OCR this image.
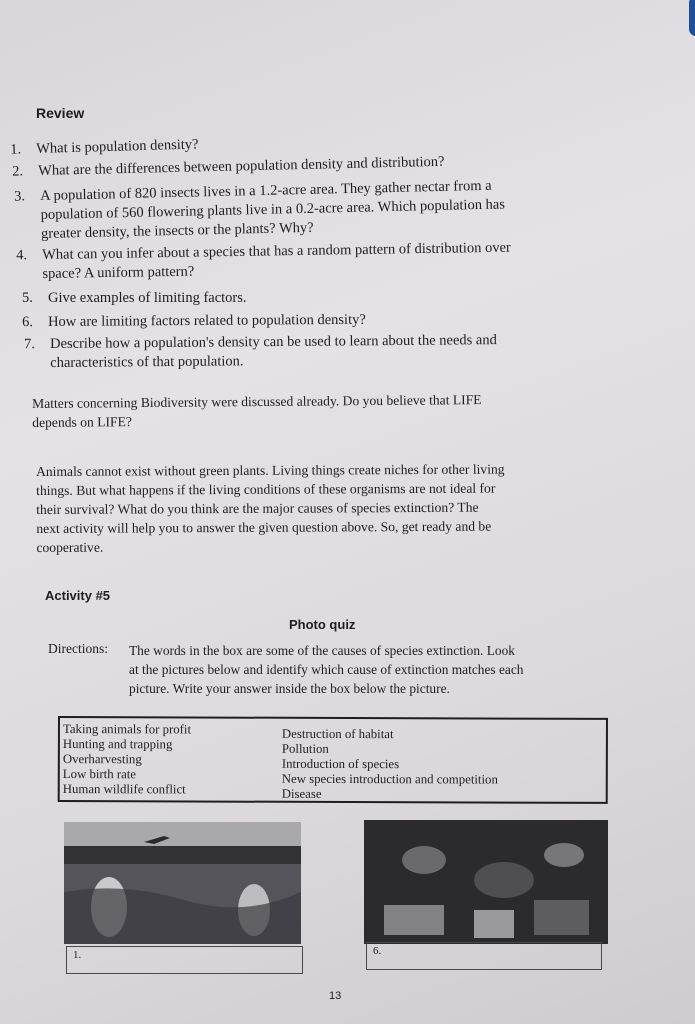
Review
1. What is population density?
2. What are the differences between population density and distribution?
3. A population of 820 insects lives in a 1.2-acre area. They gather nectar from a
population of 560 flowering plants live in a 0.2-acre area. Which population has
greater density, the insects or the plants? Why?
4. What can you infer about a species that has a random pattern of distribution over
space? A uniform pattern?
5. Give examples of limiting factors.
6. How are limiting factors related to population density?
7. Describe how a population's density can be used to learn about the needs and
characteristics of that population.
Matters concerning Biodiversity were discussed already. Do you believe that LIFE
depends on LIFE?
Animals cannot exist without green plants. Living things create niches for other living
things. But what happens if the living conditions of these organisms are not ideal for
their survival? What do you think are the major causes of species extinction? The
next activity will help you to answer the given question above. So, get ready and be
cooperative.
Activity #5
Photo quiz
Directions: The words in the box are some of the causes of species extinction. Look
at the pictures below and identify which cause of extinction matches each
picture. Write your answer inside the box below the picture.
Taking animals for profit
Hunting and trapping
Overharvesting
Low birth rate
Human wildlife conflict
Destruction of habitat
Pollution
Introduction of species
New species introduction and competition
Disease
1.	6.
13
